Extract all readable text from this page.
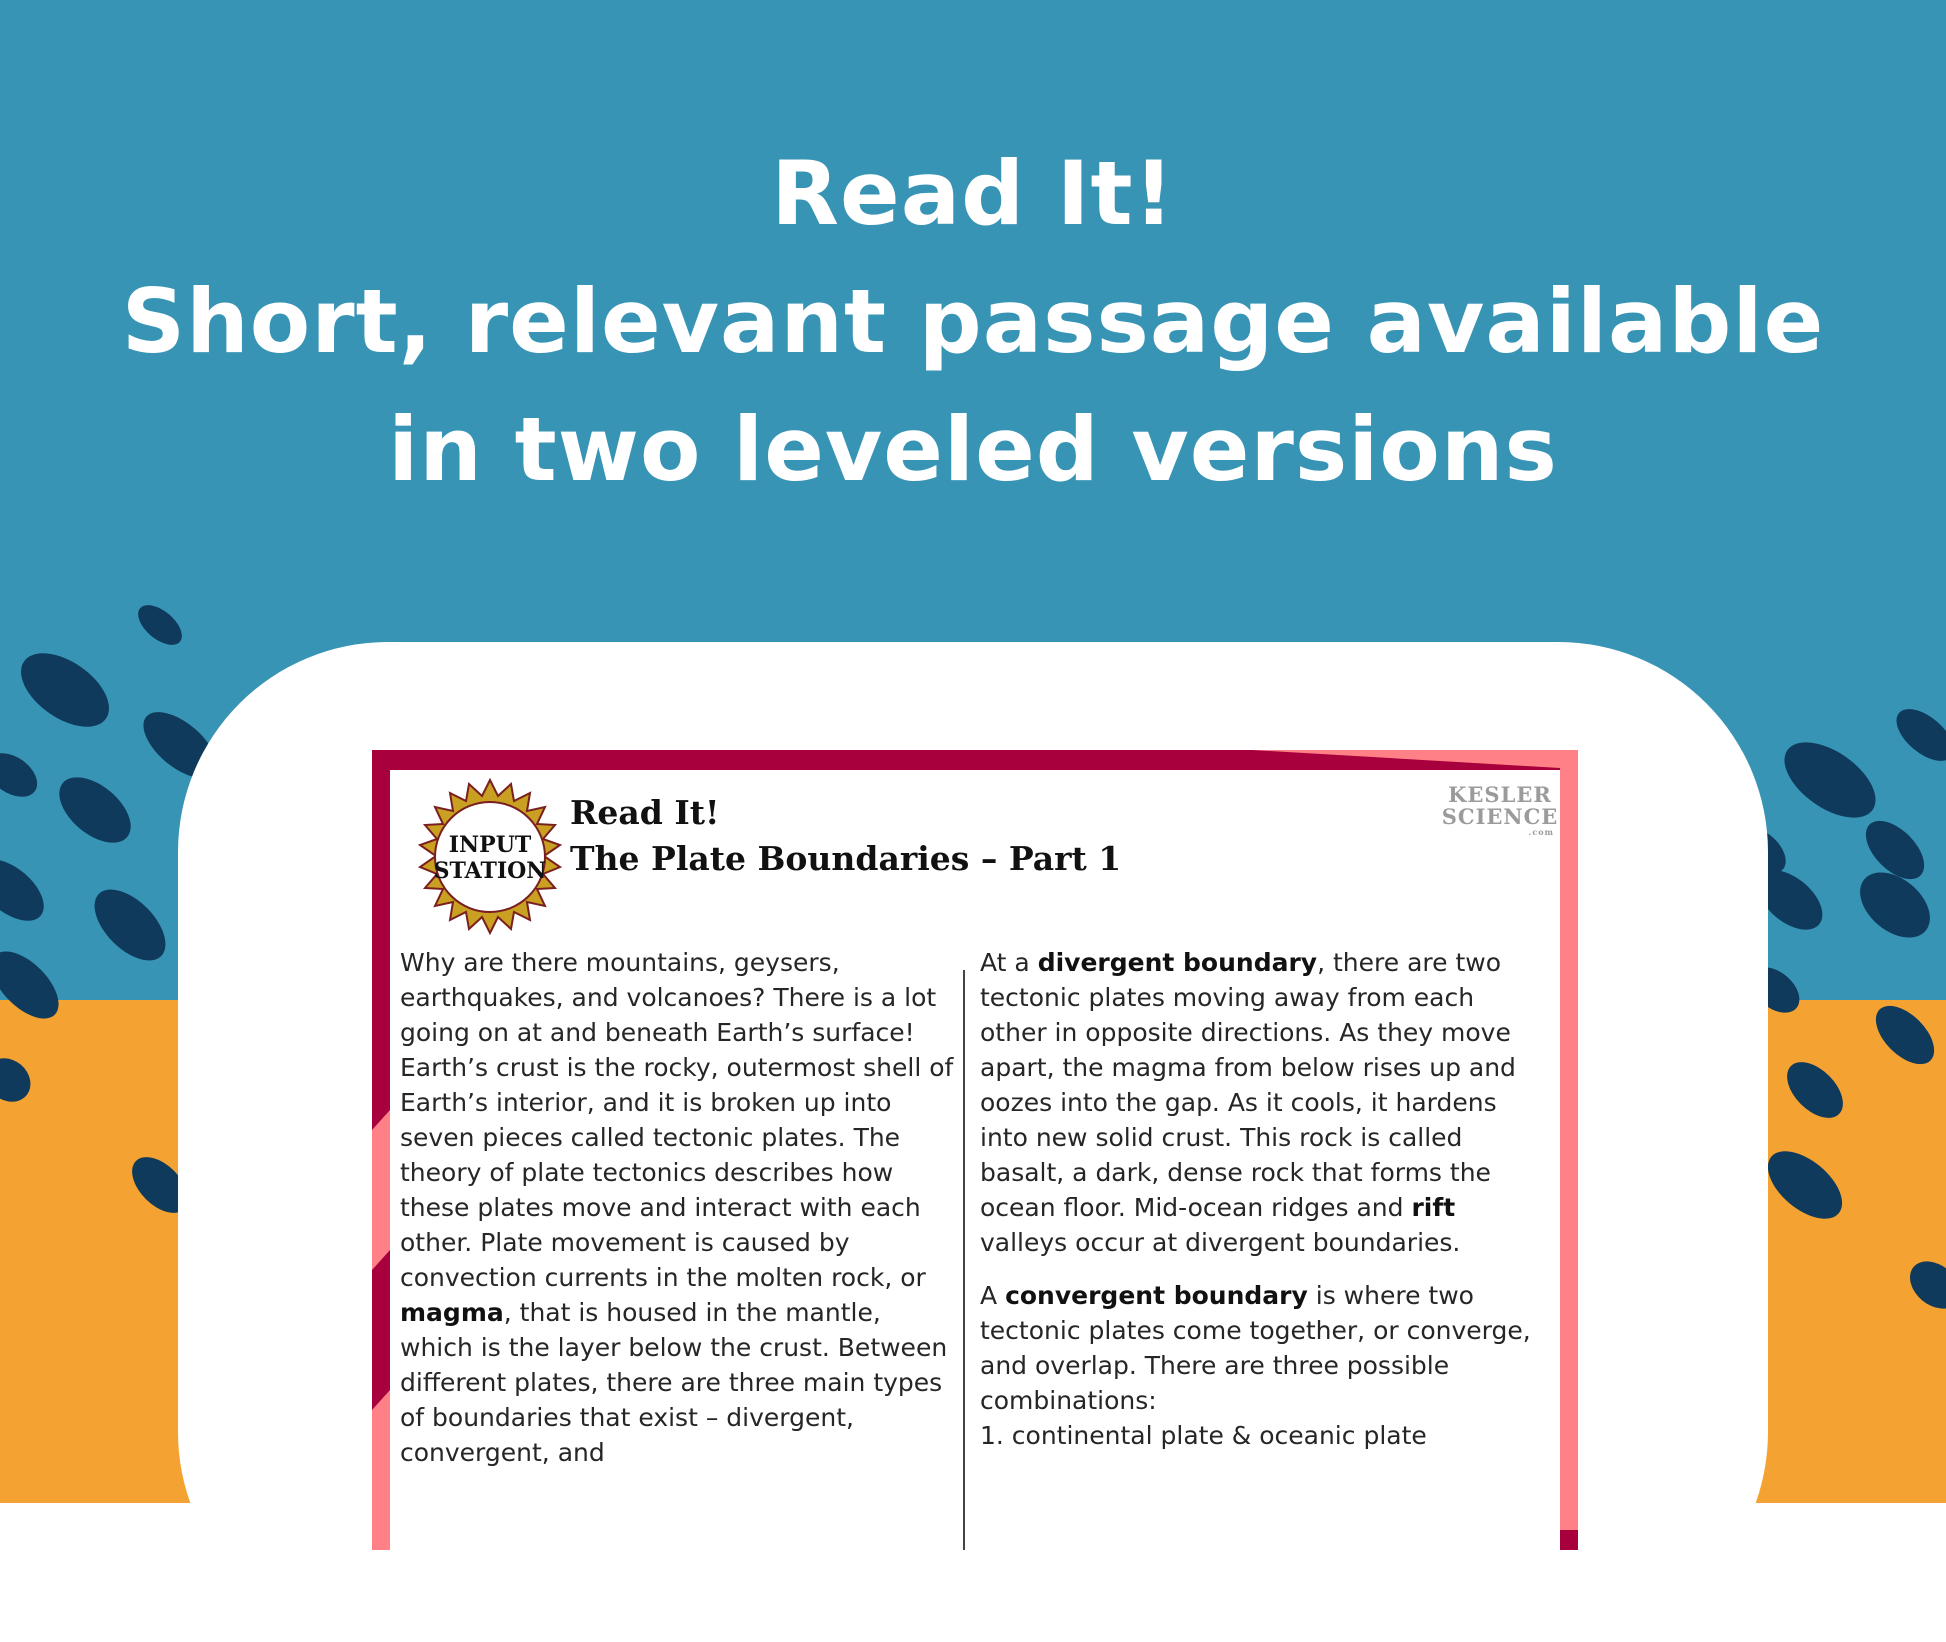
Read It!
Short, relevant passage available
in two leveled versions
INPUT
STATION
Read It!
The Plate Boundaries – Part 1
KESLER
SCIENCE
.com

Why are there mountains, geysers, earthquakes, and volcanoes? There is a lot going on at and beneath Earth’s surface! Earth’s crust is the rocky, outermost shell of Earth’s interior, and it is broken up into seven pieces called tectonic plates. The theory of plate tectonics describes how these plates move and interact with each other. Plate movement is caused by convection currents in the molten rock, or magma, that is housed in the mantle, which is the layer below the crust. Between different plates, there are three main types of boundaries that exist – divergent, convergent, and

At a divergent boundary, there are two tectonic plates moving away from each other in opposite directions. As they move apart, the magma from below rises up and oozes into the gap. As it cools, it hardens into new solid crust. This rock is called basalt, a dark, dense rock that forms the ocean floor. Mid-ocean ridges and rift valleys occur at divergent boundaries.

A convergent boundary is where two tectonic plates come together, or converge, and overlap. There are three possible combinations:
1. continental plate & oceanic plate
